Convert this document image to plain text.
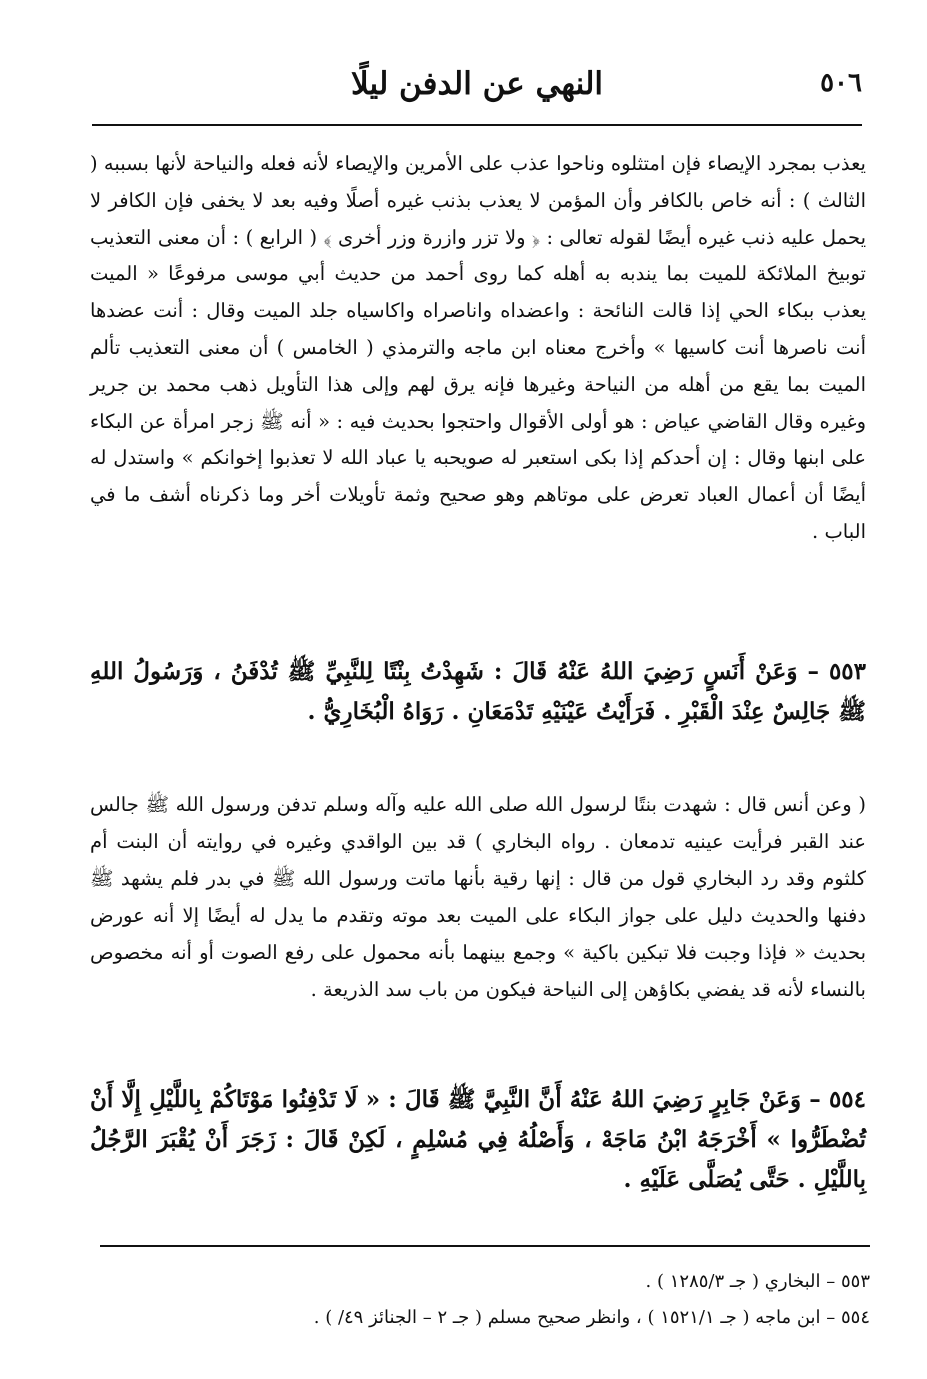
٥٠٦
النهي عن الدفن ليلًا
يعذب بمجرد الإيصاء فإن امتثلوه وناحوا عذب على الأمرين والإيصاء لأنه فعله والنياحة لأنها بسببه ( الثالث ) : أنه خاص بالكافر وأن المؤمن لا يعذب بذنب غيره أصلًا وفيه بعد لا يخفى فإن الكافر لا يحمل عليه ذنب غيره أيضًا لقوله تعالى : ﴿ ولا تزر وازرة وزر أخرى ﴾ ( الرابع ) : أن معنى التعذيب توبيخ الملائكة للميت بما يندبه به أهله كما روى أحمد من حديث أبي موسى مرفوعًا « الميت يعذب ببكاء الحي إذا قالت النائحة : واعضداه واناصراه واكاسياه جلد الميت وقال : أنت عضدها أنت ناصرها أنت كاسيها » وأخرج معناه ابن ماجه والترمذي ( الخامس ) أن معنى التعذيب تألم الميت بما يقع من أهله من النياحة وغيرها فإنه يرق لهم وإلى هذا التأويل ذهب محمد بن جرير وغيره وقال القاضي عياض : هو أولى الأقوال واحتجوا بحديث فيه : « أنه ﷺ زجر امرأة عن البكاء على ابنها وقال : إن أحدكم إذا بكى استعبر له صويحبه يا عباد الله لا تعذبوا إخوانكم » واستدل له أيضًا أن أعمال العباد تعرض على موتاهم وهو صحيح وثمة تأويلات أخر وما ذكرناه أشف ما في الباب .
٥٥٣ – وَعَنْ أَنَسٍ رَضِيَ اللهُ عَنْهُ قَالَ : شَهِدْتُ بِنْتًا لِلنَّبِيِّ ﷺ تُدْفَنُ ، وَرَسُولُ اللهِ ﷺ جَالِسٌ عِنْدَ الْقَبْرِ . فَرَأَيْتُ عَيْنَيْهِ تَدْمَعَانِ . رَوَاهُ الْبُخَارِيُّ .
( وعن أنس قال : شهدت بنتًا لرسول الله صلى الله عليه وآله وسلم تدفن ورسول الله ﷺ جالس عند القبر فرأيت عينيه تدمعان . رواه البخاري ) قد بين الواقدي وغيره في روايته أن البنت أم كلثوم وقد رد البخاري قول من قال : إنها رقية بأنها ماتت ورسول الله ﷺ في بدر فلم يشهد ﷺ دفنها والحديث دليل على جواز البكاء على الميت بعد موته وتقدم ما يدل له أيضًا إلا أنه عورض بحديث « فإذا وجبت فلا تبكين باكية » وجمع بينهما بأنه محمول على رفع الصوت أو أنه مخصوص بالنساء لأنه قد يفضي بكاؤهن إلى النياحة فيكون من باب سد الذريعة .
٥٥٤ – وَعَنْ جَابِرٍ رَضِيَ اللهُ عَنْهُ أَنَّ النَّبِيَّ ﷺ قَالَ : « لَا تَدْفِنُوا مَوْتَاكُمْ بِاللَّيْلِ إِلَّا أَنْ تُضْطَرُّوا » أَخْرَجَهُ ابْنُ مَاجَهْ ، وَأَصْلُهُ فِي مُسْلِمٍ ، لَكِنْ قَالَ : زَجَرَ أَنْ يُقْبَرَ الرَّجُلُ بِاللَّيْلِ . حَتَّى يُصَلَّى عَلَيْهِ .
٥٥٣ – البخاري ( جـ ١٢٨٥/٣ ) .
٥٥٤ – ابن ماجه ( جـ ١٥٢١/١ ) ، وانظر صحيح مسلم ( جـ ٢ – الجنائز ٤٩/ ) .
